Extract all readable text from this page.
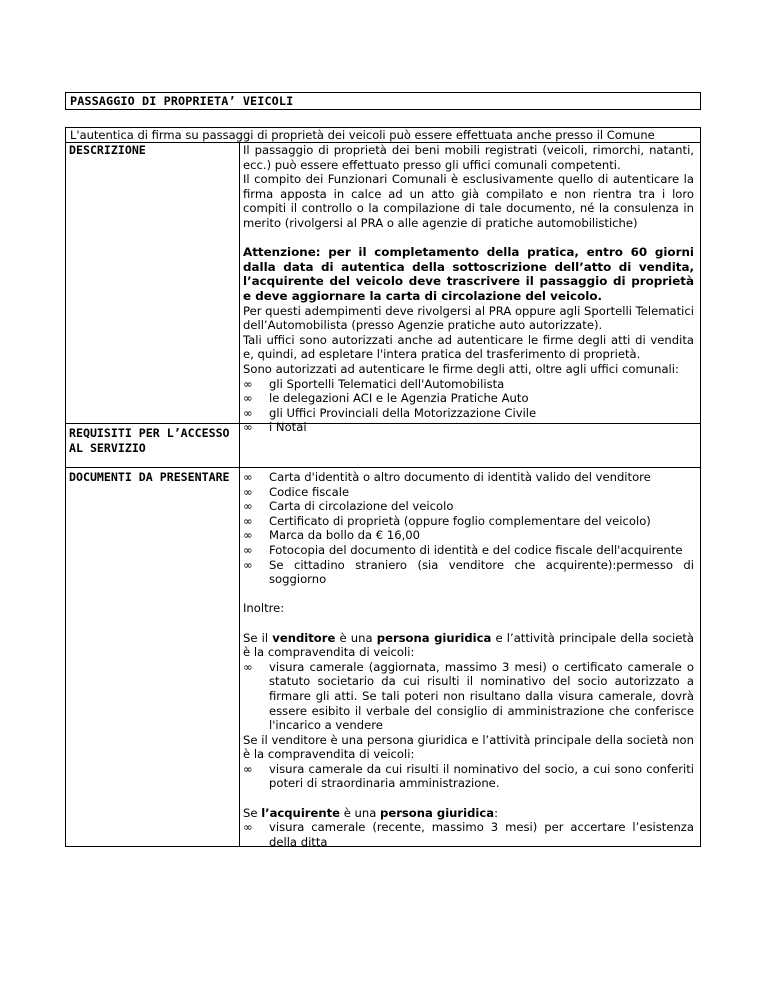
PASSAGGIO DI PROPRIETA’ VEICOLI
L'autentica di firma su passaggi di proprietà dei veicoli può essere effettuata anche presso il Comune
DESCRIZIONE	Il passaggio di proprietà dei beni mobili registrati (veicoli, rimorchi, natanti, ecc.) può essere effettuato presso gli uffici comunali competenti.

Il compito dei Funzionari Comunali è esclusivamente quello di autenticare la firma apposta in calce ad un atto già compilato e non rientra tra i loro compiti il controllo o la compilazione di tale documento, né la consulenza in merito (rivolgersi al PRA o alle agenzie di pratiche automobilistiche)

Attenzione: per il completamento della pratica, entro 60 giorni dalla data di autentica della sottoscrizione dell’atto di vendita, l’acquirente del veicolo deve trascrivere il passaggio di proprietà e deve aggiornare la carta di circolazione del veicolo.

Per questi adempimenti deve rivolgersi al PRA oppure agli Sportelli Telematici dell’Automobilista (presso Agenzie pratiche auto autorizzate).

Tali uffici sono autorizzati anche ad autenticare le firme degli atti di vendita e, quindi, ad espletare l'intera pratica del trasferimento di proprietà.

Sono autorizzati ad autenticare le firme degli atti, oltre agli uffici comunali:

∞ gli Sportelli Telematici dell'Automobilista
∞ le delegazioni ACI e le Agenzia Pratiche Auto
∞ gli Uffici Provinciali della Motorizzazione Civile
∞ i Notai
REQUISITI PER L’ACCESSO AL SERVIZIO
DOCUMENTI DA PRESENTARE
∞	Carta d'identità o altro documento di identità valido del venditore
∞ Codice fiscale
∞ Carta di circolazione del veicolo
∞ Certificato di proprietà (oppure foglio complementare del veicolo)
∞ Marca da bollo da € 16,00
∞ Fotocopia del documento di identità e del codice fiscale dell'acquirente
∞ Se cittadino straniero (sia venditore che acquirente):permesso di soggiorno

Inoltre:

Se il venditore è una persona giuridica e l’attività principale della società è la compravendita di veicoli:

∞ visura camerale (aggiornata, massimo 3 mesi) o certificato camerale o statuto societario da cui risulti il nominativo del socio autorizzato a firmare gli atti. Se tali poteri non risultano dalla visura camerale, dovrà essere esibito il verbale del consiglio di amministrazione che conferisce l'incarico a vendere

Se il venditore è una persona giuridica e l’attività principale della società non è la compravendita di veicoli:

∞ visura camerale da cui risulti il nominativo del socio, a cui sono conferiti poteri di straordinaria amministrazione.

Se l’acquirente è una persona giuridica:

∞ visura camerale (recente, massimo 3 mesi) per accertare l’esistenza della ditta
